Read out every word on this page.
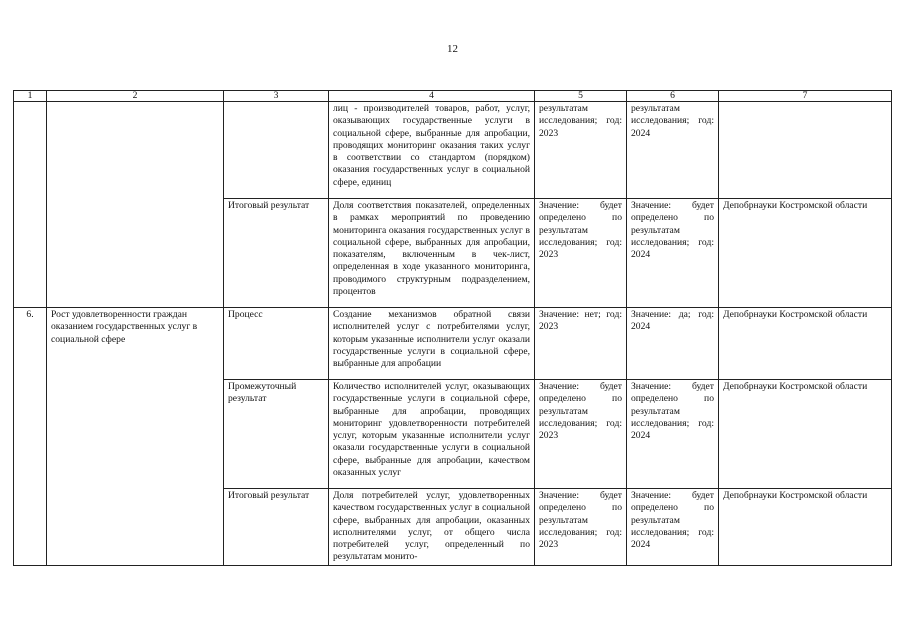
12
1	2	3	4	5	6	7
			лиц - производителей товаров, работ, услуг, оказывающих государственные услуги в социальной сфере, выбранные для апробации, проводящих мониторинг оказания таких услуг в соответствии со стандартом (порядком) оказания государственных услуг в социальной сфере, единиц	результатам исследования; год: 2023	результатам исследования; год: 2024	
		Итоговый результат	Доля соответствия показателей, определенных в рамках мероприятий по проведению мониторинга оказания государственных услуг в социальной сфере, выбранных для апробации, показателям, включенным в чек-лист, определенная в ходе указанного мониторинга, проводимого структурным подразделением, процентов	Значение: будет определено по результатам исследования; год: 2023	Значение: будет определено по результатам исследования; год: 2024	Депобрнауки Костромской области
6.	Рост удовлетворенности граждан оказанием государственных услуг в социальной сфере	Процесс	Создание механизмов обратной связи исполнителей услуг с потребителями услуг, которым указанные исполнители услуг оказали государственные услуги в социальной сфере, выбранные для апробации	Значение: нет; год: 2023	Значение: да; год: 2024	Депобрнауки Костромской области
		Промежуточный результат	Количество исполнителей услуг, оказывающих государственные услуги в социальной сфере, выбранные для апробации, проводящих мониторинг удовлетворенности потребителей услуг, которым указанные исполнители услуг оказали государственные услуги в социальной сфере, выбранные для апробации, качеством оказанных услуг	Значение: будет определено по результатам исследования; год: 2023	Значение: будет определено по результатам исследования; год: 2024	Депобрнауки Костромской области
		Итоговый результат	Доля потребителей услуг, удовлетворенных качеством государственных услуг в социальной сфере, выбранных для апробации, оказанных исполнителями услуг, от общего числа потребителей услуг, определенный по результатам монито-	Значение: будет определено по результатам исследования; год: 2023	Значение: будет определено по результатам исследования; год: 2024	Депобрнауки Костромской области
